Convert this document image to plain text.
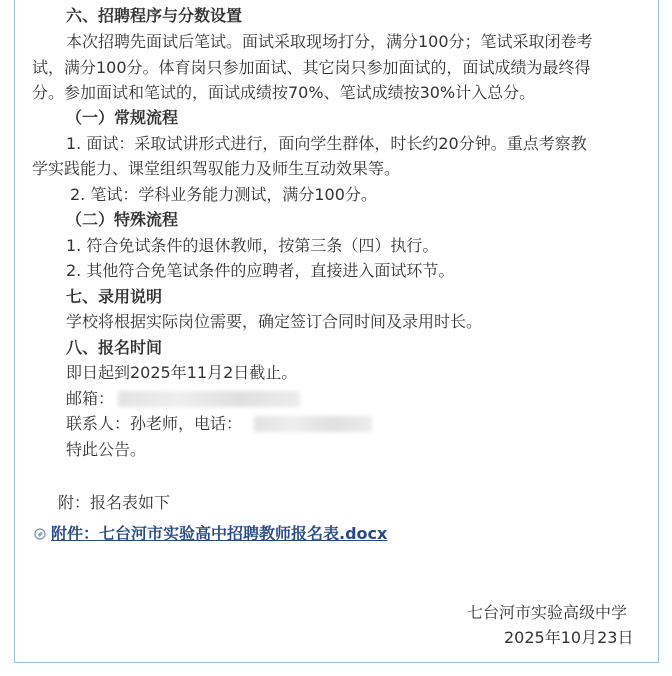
六、招聘程序与分数设置
本次招聘先面试后笔试。面试采取现场打分，满分100分；笔试采取闭卷考
试，满分100分。体育岗只参加面试、其它岗只参加面试的，面试成绩为最终得
分。参加面试和笔试的，面试成绩按70%、笔试成绩按30%计入总分。
（一）常规流程
1. 面试：采取试讲形式进行，面向学生群体，时长约20分钟。重点考察教
学实践能力、课堂组织驾驭能力及师生互动效果等。
2. 笔试：学科业务能力测试，满分100分。
（二）特殊流程
1. 符合免试条件的退休教师，按第三条（四）执行。
2. 其他符合免笔试条件的应聘者，直接进入面试环节。
七、录用说明
学校将根据实际岗位需要，确定签订合同时间及录用时长。
八、报名时间
即日起到2025年11月2日截止。
邮箱：
联系人：孙老师，电话：
特此公告。
附：报名表如下
附件：七台河市实验高中招聘教师报名表.docx
七台河市实验高级中学
2025年10月23日
